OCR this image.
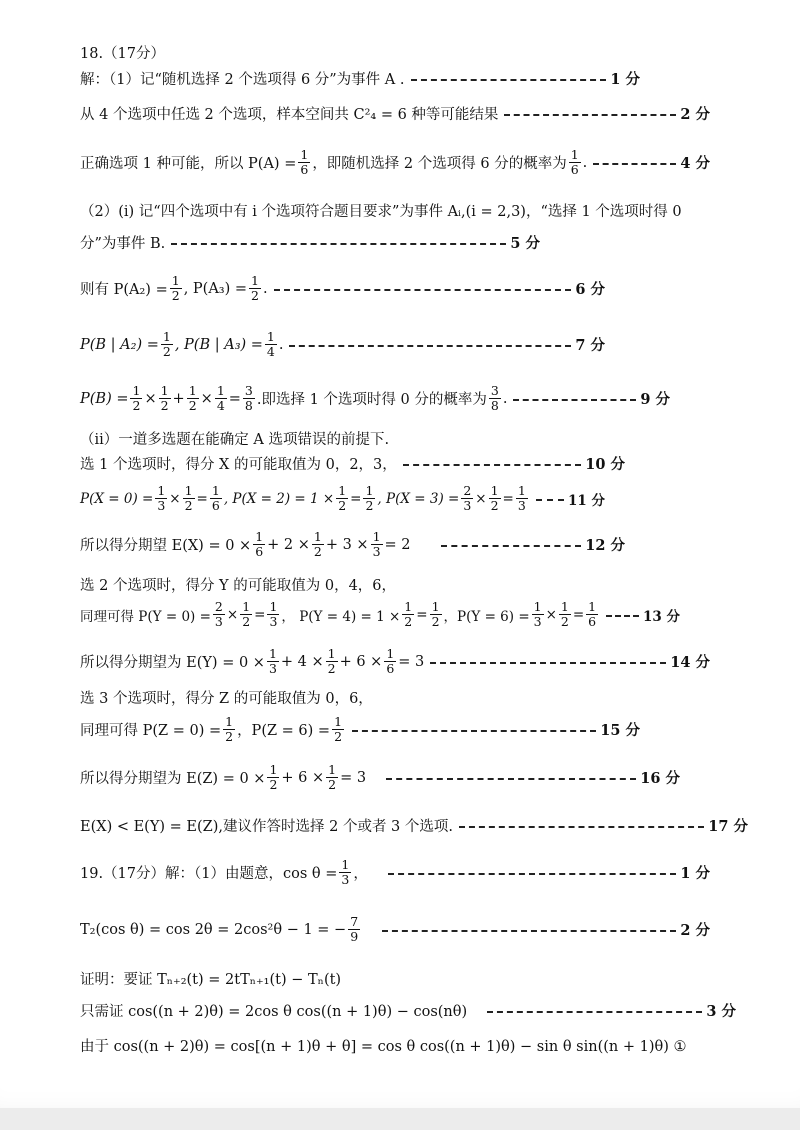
18.（17分）
解：（1）记“随机选择 2 个选项得 6 分”为事件 A .	1 分
从 4 个选项中任选 2 个选项，样本空间共 C²₄ = 6 种等可能结果	2 分
正确选项 1 种可能，所以 $P(A) = \frac{1}{6}$ ，即随机选择 2 个选项得 6 分的概率为 $\frac{1}{6}$ .	4 分
（2）(i) 记“四个选项中有 i 个选项符合题目要求”为事件 Aᵢ,(i = 2,3)，“选择 1 个选项时得 0
分”为事件 B.	5 分
则有 $P(A_2) = \frac{1}{2}$ , $P(A_3) = \frac{1}{2}$ .	6 分
P(B | $A_2) = \frac{1}{2}$ , P(B | $A_3) = \frac{1}{4}$ .	7 分
$P(B) = \frac{1}{2} \times \frac{1}{2} + \frac{1}{2} \times \frac{1}{4} = \frac{3}{8}$ .即选择 1 个选项时得 0 分的概率为 $\frac{3}{8}$ .	9 分
（ii）一道多选题在能确定 A 选项错误的前提下.
选 1 个选项时，得分 X 的可能取值为 0，2，3，	10 分
$P(X = 0) = \frac{1}{3} \times \frac{1}{2} = \frac{1}{6}$ , $P(X = 2) = 1 \times \frac{1}{2} = \frac{1}{2}$ , $P(X = 3) = \frac{2}{3} \times \frac{1}{2} = \frac{1}{3}$	11 分
所以得分期望 $E(X) = 0 \times \frac{1}{6} + 2 \times \frac{1}{2} + 3 \times \frac{1}{3} = 2$	12 分
选 2 个选项时，得分 Y 的可能取值为 0，4，6，
同理可得 $P(Y = 0) = \frac{2}{3} \times \frac{1}{2} = \frac{1}{3}$ ， $P(Y = 4) = 1 \times \frac{1}{2} = \frac{1}{2}$ ，$P(Y = 6) = \frac{1}{3} \times \frac{1}{2} = \frac{1}{6}$	13 分
所以得分期望为 $E(Y) = 0 \times \frac{1}{3} + 4 \times \frac{1}{2} + 6 \times \frac{1}{6} = 3$	14 分
选 3 个选项时，得分 Z 的可能取值为 0，6，
同理可得 $P(Z = 0) = \frac{1}{2}$ ，$P(Z = 6) = \frac{1}{2}$	15 分
所以得分期望为 $E(Z) = 0 \times \frac{1}{2} + 6 \times \frac{1}{2} = 3$	16 分
E(X) < E(Y) = E(Z),建议作答时选择 2 个或者 3 个选项.	17 分
19.（17分）解：（1）由题意，$\cos \theta = \frac{1}{3}$ ，	1 分
T₂(cos θ) = cos 2θ = 2cos²θ − 1 = − $\frac{7}{9}$	2 分
证明：要证 Tₙ₊₂(t) = 2tTₙ₊₁(t) − Tₙ(t)
只需证 cos((n + 2)θ) = 2cos θ cos((n + 1)θ) − cos(nθ)	3 分
由于 cos((n + 2)θ) = cos[(n + 1)θ + θ] = cos θ cos((n + 1)θ) − sin θ sin((n + 1)θ) ①
